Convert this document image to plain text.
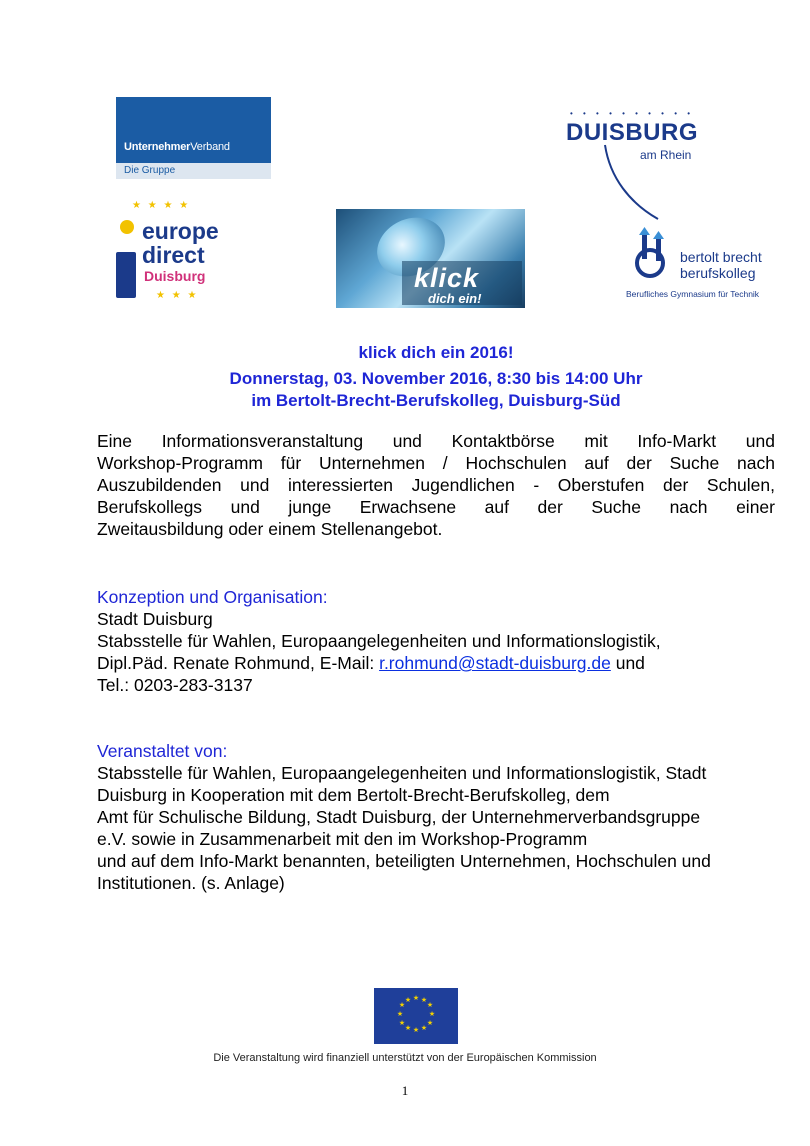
UnternehmerVerband
Die Gruppe
• • • • • • • • • •
DUISBURG
am Rhein
★ ★ ★ ★
europe
direct
Duisburg
★ ★ ★
klick
dich ein!
bertolt brecht
berufskolleg
Berufliches Gymnasium für Technik
klick dich ein 2016!
Donnerstag, 03. November 2016, 8:30 bis 14:00 Uhr
im Bertolt-Brecht-Berufskolleg, Duisburg-Süd
Eine Informationsveranstaltung und Kontaktbörse mit Info-Markt und
Workshop-Programm für Unternehmen / Hochschulen auf der Suche nach
Auszubildenden und interessierten Jugendlichen - Oberstufen der Schulen,
Berufskollegs und junge Erwachsene auf der Suche nach einer
Zweitausbildung oder einem Stellenangebot.
Konzeption und Organisation:
Stadt Duisburg
Stabsstelle für Wahlen, Europaangelegenheiten und Informationslogistik,
Dipl.Päd. Renate Rohmund, E-Mail: r.rohmund@stadt-duisburg.de und
Tel.: 0203-283-3137
Veranstaltet von:
Stabsstelle für Wahlen, Europaangelegenheiten und Informationslogistik, Stadt
Duisburg in Kooperation mit dem Bertolt-Brecht-Berufskolleg, dem
Amt für Schulische Bildung, Stadt Duisburg, der Unternehmerverbandsgruppe
e.V. sowie in Zusammenarbeit mit den im Workshop-Programm
und auf dem Info-Markt benannten, beteiligten Unternehmen, Hochschulen und
Institutionen. (s. Anlage)
★ ★
★
★
★
★
★
★
★
★
★
★
Die Veranstaltung wird finanziell unterstützt von der Europäischen Kommission
1
